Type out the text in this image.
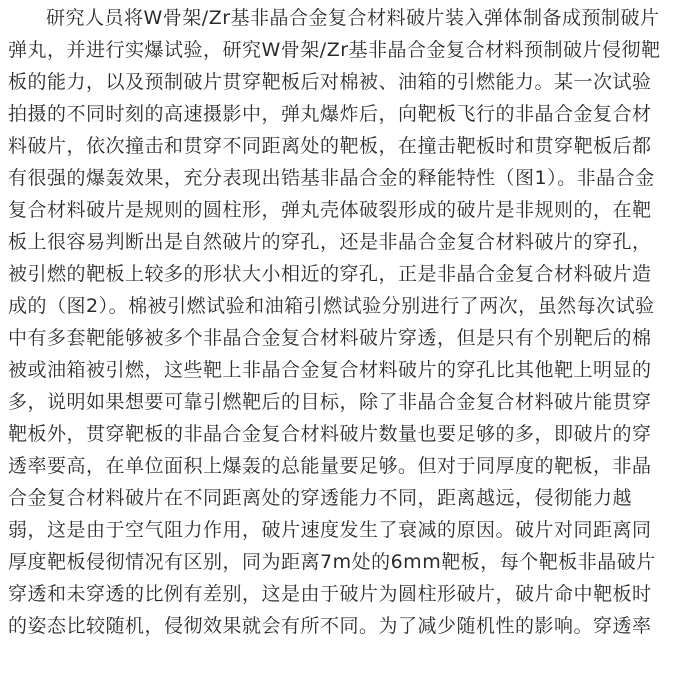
研究人员将W骨架/Zr基非晶合金复合材料破片装入弹体制备成预制破片
弹丸，并进行实爆试验，研究W骨架/Zr基非晶合金复合材料预制破片侵彻靶
板的能力，以及预制破片贯穿靶板后对棉被、油箱的引燃能力。某一次试验
拍摄的不同时刻的高速摄影中，弹丸爆炸后，向靶板飞行的非晶合金复合材
料破片，依次撞击和贯穿不同距离处的靶板，在撞击靶板时和贯穿靶板后都
有很强的爆轰效果，充分表现出锆基非晶合金的释能特性（图1）。非晶合金
复合材料破片是规则的圆柱形，弹丸壳体破裂形成的破片是非规则的，在靶
板上很容易判断出是自然破片的穿孔，还是非晶合金复合材料破片的穿孔，
被引燃的靶板上较多的形状大小相近的穿孔，正是非晶合金复合材料破片造
成的（图2）。棉被引燃试验和油箱引燃试验分别进行了两次，虽然每次试验
中有多套靶能够被多个非晶合金复合材料破片穿透，但是只有个别靶后的棉
被或油箱被引燃，这些靶上非晶合金复合材料破片的穿孔比其他靶上明显的
多，说明如果想要可靠引燃靶后的目标，除了非晶合金复合材料破片能贯穿
靶板外，贯穿靶板的非晶合金复合材料破片数量也要足够的多，即破片的穿
透率要高，在单位面积上爆轰的总能量要足够。但对于同厚度的靶板，非晶
合金复合材料破片在不同距离处的穿透能力不同，距离越远，侵彻能力越
弱，这是由于空气阻力作用，破片速度发生了衰减的原因。破片对同距离同
厚度靶板侵彻情况有区别，同为距离7m处的6mm靶板，每个靶板非晶破片
穿透和未穿透的比例有差别，这是由于破片为圆柱形破片，破片命中靶板时
的姿态比较随机，侵彻效果就会有所不同。为了减少随机性的影响。穿透率
